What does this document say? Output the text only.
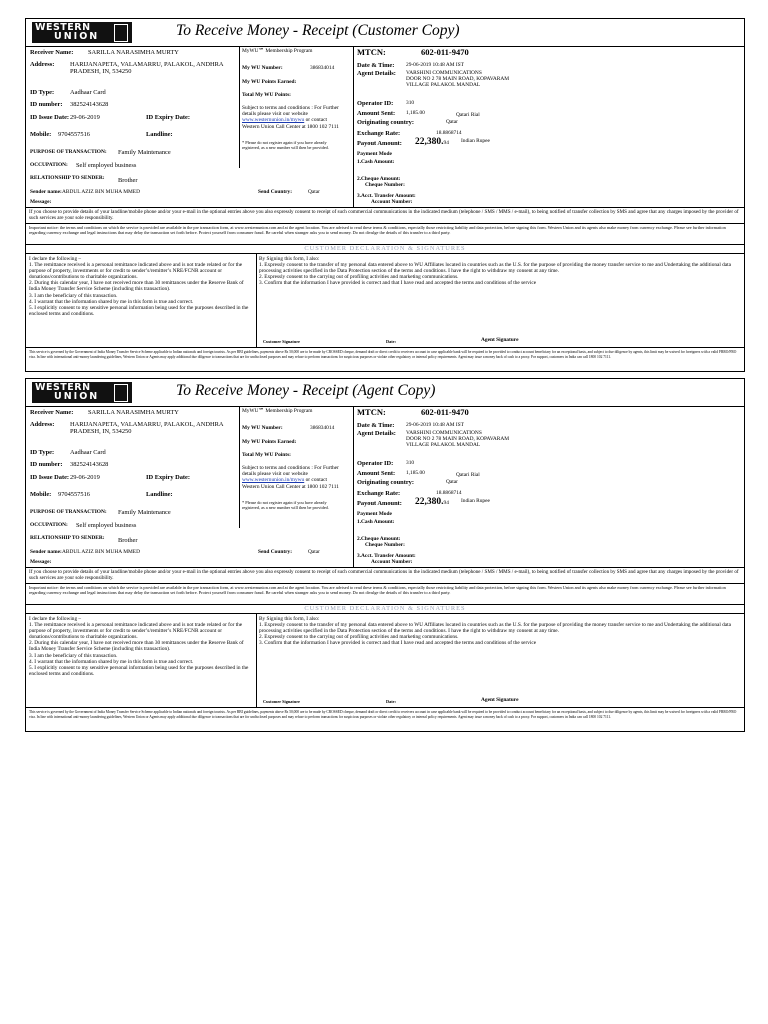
WESTERN
UNION	To Receive Money - Receipt (Customer Copy)
Receiver Name: SARILLA NARASIMHA MURTY
Address: HARIJANAPETA, VALAMARRU, PALAKOL, ANDHRA
PRADESH, IN, 534250
ID Type: Aadhaar Card
ID number: 382524143628
ID Issue Date: 29-06-2019	ID Expiry Date:
Mobile: 9704557516	Landline:
PURPOSE OF TRANSACTION: Family Maintenance
OCCUPATION: Self employed business
RELATIONSHIP TO SENDER: Brother
Sender name: ABDUL AZIZ BIN MUHA MMED
Message:
Send Country:	Qatar
MyWU℠ Membership Program
My WU Number:	386834014
My WU Points Earned:
Total My WU Points:
Subject to terms and conditions : For Further
details please visit our website
www.westernunion.in/mywu or contact
Western Union Call Center at 1800 102 7111
* Please do not register again if you have already
registered, as a new number will then be provided.
MTCN:	602-011-9470
Date & Time: 29-06-2019 10:48 AM IST
Agent Details: VARSHINI COMMUNICATIONS
DOOR NO 2 78 MAIN ROAD, KOPAVARAM
VILLAGE PALAKOL MANDAL
Operator ID: 310
Amount Sent: 1,185.00	Qatari Rial
Originating country:	Qatar
Exchange Rate:	18.8868714
Payout Amount: 22,380.94 Indian Rupee
Payment Mode
1.Cash Amount:
2.Cheque Amount:
Cheque Number:
3.Acct. Transfer Amount:
Account Number:
If you choose to provide details of your landline/mobile phone and/or your e-mail in the optional entries above you also expressly consent to receipt of such commercial communications in the indicated medium (telephone / SMS / MMS / e-mail), to being notified of transfer collection by SMS and agree that any charges imposed by the provider of such services are your sole responsibility.
Important notice: the terms and conditions on which the service is provided are available in the pre transaction form, at www.westernunion.com and at the agent location. You are advised to read these terms & conditions, especially those restricting liability and data protection, before signing this form. Western Union and its agents also make money from currency exchange. Please see further information regarding currency exchange and legal instructions that may delay the transaction set forth before. Protect yourself from consumer fraud. Be careful when stranger asks you to send money. Do not divulge the details of this transfer to a third party.
CUSTOMER DECLARATION & SIGNATURES
I declare the following –
1. The remittance received is a personal remittance indicated above and is not trade related or for the purpose of property, investments or for credit to sender’s/remitter’s NRE/FCNR account or donations/contributions to charitable organizations.
2. During this calendar year, I have not received more than 30 remittances under the Reserve Bank of India Money Transfer Service Scheme (including this transaction).
3. I am the beneficiary of this transaction.
4. I warrant that the information shared by me in this form is true and correct.
5. I explicitly consent to my sensitive personal information being used for the purposes described in the enclosed terms and conditions.
By Signing this form, I also:
1. Expressly consent to the transfer of my personal data entered above to WU Affiliates located in countries such as the U.S. for the purpose of providing the money transfer service to me and Undertaking the additional data processing activities specified in the Data Protection section of the terms and conditions. I have the right to withdraw my consent at any time.
2. Expressly consent to the carrying out of profiling activities and marketing communications.
3. Confirm that the information I have provided is correct and that I have read and accepted the terms and conditions of the service
Customer Signature	Date:	Agent Signature
This service is governed by the Government of India Money Transfer Service Scheme applicable to Indian nationals and foreign tourists. As per RBI guidelines, payments above Rs 50,000 are to be made by CROSSED cheque, demand draft or direct credit to receivers account in case applicable bank will be required to be provided to conduct account beneficiary for an exceptional basis, and subject to due diligence by agents, this limit may be waived for foreigners with a valid FRRO/FRO visa. In line with international anti-money laundering guidelines, Western Union or Agents may apply additional due diligence to transactions that are for undisclosed purposes and may refuse to perform transactions for suspicious purposes or violate other regulatory or internal policy requirements. Agent may issue a money back of cash to a proxy. For support, customers in India can call 1800 102 7111.
WESTERN
UNION	To Receive Money - Receipt (Agent Copy)
Receiver Name: SARILLA NARASIMHA MURTY
Address: HARIJANAPETA, VALAMARRU, PALAKOL, ANDHRA
PRADESH, IN, 534250
ID Type: Aadhaar Card
ID number: 382524143628
ID Issue Date: 29-06-2019	ID Expiry Date:
Mobile: 9704557516	Landline:
PURPOSE OF TRANSACTION: Family Maintenance
OCCUPATION: Self employed business
RELATIONSHIP TO SENDER: Brother
Sender name: ABDUL AZIZ BIN MUHA MMED
Message:
Send Country:	Qatar
MyWU℠ Membership Program
My WU Number:	386834014
My WU Points Earned:
Total My WU Points:
Subject to terms and conditions : For Further
details please visit our website
www.westernunion.in/mywu or contact
Western Union Call Center at 1800 102 7111
* Please do not register again if you have already
registered, as a new number will then be provided.
MTCN:	602-011-9470
Date & Time: 29-06-2019 10:48 AM IST
Agent Details: VARSHINI COMMUNICATIONS
DOOR NO 2 78 MAIN ROAD, KOPAVARAM
VILLAGE PALAKOL MANDAL
Operator ID: 310
Amount Sent: 1,185.00	Qatari Rial
Originating country:	Qatar
Exchange Rate:	18.8868714
Payout Amount: 22,380.94 Indian Rupee
Payment Mode
1.Cash Amount:
2.Cheque Amount:
Cheque Number:
3.Acct. Transfer Amount:
Account Number:
If you choose to provide details of your landline/mobile phone and/or your e-mail in the optional entries above you also expressly consent to receipt of such commercial communications in the indicated medium (telephone / SMS / MMS / e-mail), to being notified of transfer collection by SMS and agree that any charges imposed by the provider of such services are your sole responsibility.
Important notice: the terms and conditions on which the service is provided are available in the pre transaction form, at www.westernunion.com and at the agent location. You are advised to read these terms & conditions, especially those restricting liability and data protection, before signing this form. Western Union and its agents also make money from currency exchange. Please see further information regarding currency exchange and legal instructions that may delay the transaction set forth before. Protect yourself from consumer fraud. Be careful when stranger asks you to send money. Do not divulge the details of this transfer to a third party.
CUSTOMER DECLARATION & SIGNATURES
I declare the following –
1. The remittance received is a personal remittance indicated above and is not trade related or for the purpose of property, investments or for credit to sender’s/remitter’s NRE/FCNR account or donations/contributions to charitable organizations.
2. During this calendar year, I have not received more than 30 remittances under the Reserve Bank of India Money Transfer Service Scheme (including this transaction).
3. I am the beneficiary of this transaction.
4. I warrant that the information shared by me in this form is true and correct.
5. I explicitly consent to my sensitive personal information being used for the purposes described in the enclosed terms and conditions.
By Signing this form, I also:
1. Expressly consent to the transfer of my personal data entered above to WU Affiliates located in countries such as the U.S. for the purpose of providing the money transfer service to me and Undertaking the additional data processing activities specified in the Data Protection section of the terms and conditions. I have the right to withdraw my consent at any time.
2. Expressly consent to the carrying out of profiling activities and marketing communications.
3. Confirm that the information I have provided is correct and that I have read and accepted the terms and conditions of the service
Customer Signature	Date:	Agent Signature
This service is governed by the Government of India Money Transfer Service Scheme applicable to Indian nationals and foreign tourists. As per RBI guidelines, payments above Rs 50,000 are to be made by CROSSED cheque, demand draft or direct credit to receivers account in case applicable bank will be required to be provided to conduct account beneficiary for an exceptional basis, and subject to due diligence by agents, this limit may be waived for foreigners with a valid FRRO/FRO visa. In line with international anti-money laundering guidelines, Western Union or Agents may apply additional due diligence to transactions that are for undisclosed purposes and may refuse to perform transactions for suspicious purposes or violate other regulatory or internal policy requirements. Agent may issue a money back of cash to a proxy. For support, customers in India can call 1800 102 7111.
